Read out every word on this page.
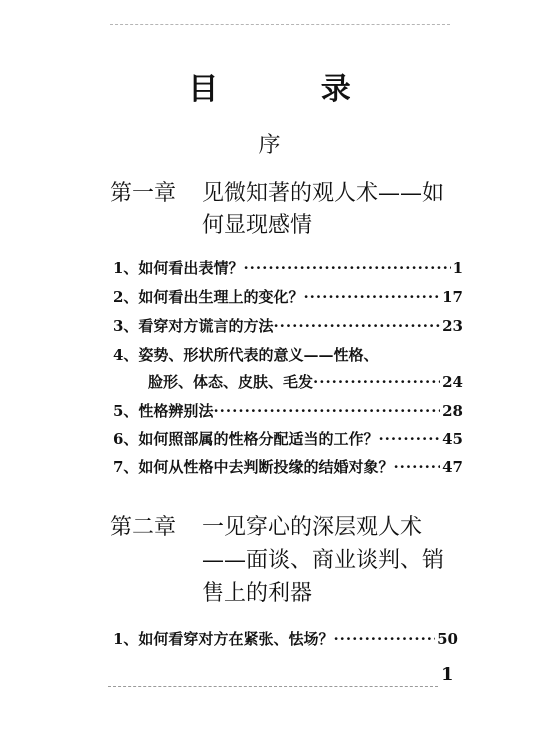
目 录
序
第一章 见微知著的观人术——如
何显现感情
1、如何看出表情？ ·····	1
2、如何看出生理上的变化？ ·····	17
3、看穿对方谎言的方法 ·····	23
4、姿势、形状所代表的意义——性格、
脸形、体态、皮肤、毛发 ·····	24
5、性格辨别法 ·····	28
6、如何照部属的性格分配适当的工作？ ·····	45
7、如何从性格中去判断投缘的结婚对象？ ·····	47
第二章 一见穿心的深层观人术
——面谈、商业谈判、销
售上的利器
1、如何看穿对方在紧张、怯场？ ·····	50
1
